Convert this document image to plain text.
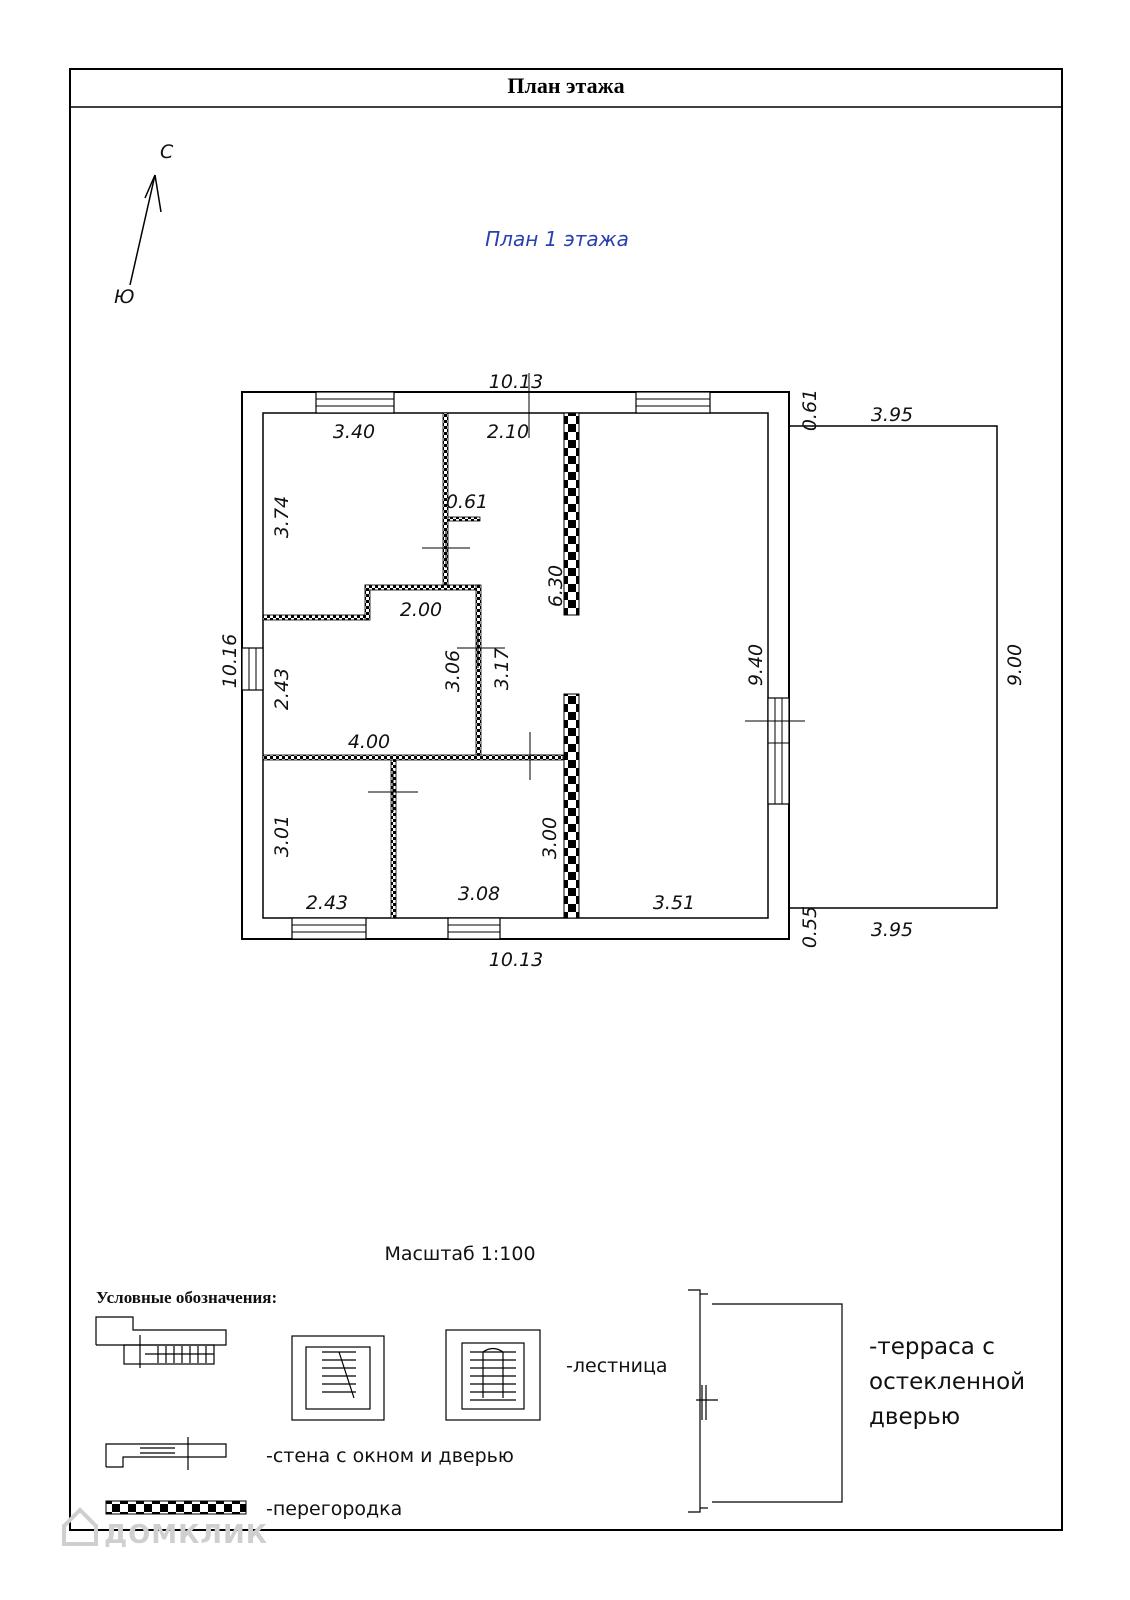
План этажа
С
Ю
План 1 этажа
10.13
3.40	2.10
0.61
2.00
4.00
2.43	3.08	3.51
10.13
3.95
3.95
3.74
6.30
10.16
2.43	3.06 3.17	9.40	9.00
3.01	3.00
0.61
0.55
Масштаб 1:100
Условные обозначения:
-лестница
-стена с окном и дверью
-перегородка
-терраса с
остекленной
дверью
ДОМКЛИК
